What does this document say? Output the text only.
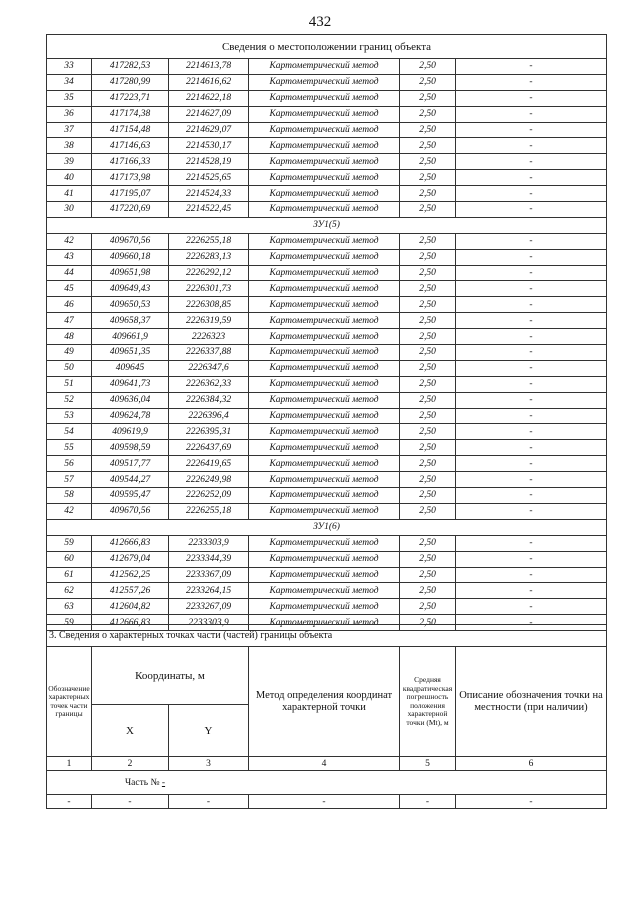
432
Сведения о местоположении границ объекта					
33	417282,53	2214613,78	Картометрический метод	2,50	-
34	417280,99	2214616,62	Картометрический метод	2,50	-
35	417223,71	2214622,18	Картометрический метод	2,50	-
36	417174,38	2214627,09	Картометрический метод	2,50	-
37	417154,48	2214629,07	Картометрический метод	2,50	-
38	417146,63	2214530,17	Картометрический метод	2,50	-
39	417166,33	2214528,19	Картометрический метод	2,50	-
40	417173,98	2214525,65	Картометрический метод	2,50	-
41	417195,07	2214524,33	Картометрический метод	2,50	-
30	417220,69	2214522,45	Картометрический метод	2,50	-
ЗУ1(5)					
42	409670,56	2226255,18	Картометрический метод	2,50	-
43	409660,18	2226283,13	Картометрический метод	2,50	-
44	409651,98	2226292,12	Картометрический метод	2,50	-
45	409649,43	2226301,73	Картометрический метод	2,50	-
46	409650,53	2226308,85	Картометрический метод	2,50	-
47	409658,37	2226319,59	Картометрический метод	2,50	-
48	409661,9	2226323	Картометрический метод	2,50	-
49	409651,35	2226337,88	Картометрический метод	2,50	-
50	409645	2226347,6	Картометрический метод	2,50	-
51	409641,73	2226362,33	Картометрический метод	2,50	-
52	409636,04	2226384,32	Картометрический метод	2,50	-
53	409624,78	2226396,4	Картометрический метод	2,50	-
54	409619,9	2226395,31	Картометрический метод	2,50	-
55	409598,59	2226437,69	Картометрический метод	2,50	-
56	409517,77	2226419,65	Картометрический метод	2,50	-
57	409544,27	2226249,98	Картометрический метод	2,50	-
58	409595,47	2226252,09	Картометрический метод	2,50	-
42	409670,56	2226255,18	Картометрический метод	2,50	-
ЗУ1(6)					
59	412666,83	2233303,9	Картометрический метод	2,50	-
60	412679,04	2233344,39	Картометрический метод	2,50	-
61	412562,25	2233367,09	Картометрический метод	2,50	-
62	412557,26	2233264,15	Картометрический метод	2,50	-
63	412604,82	2233267,09	Картометрический метод	2,50	-
59	412666,83	2233303,9	Картометрический метод	2,50	-
3. Сведения о характерных точках части (частей) границы объекта					
Обозначение характерных точек части границы	Координаты, м		Метод определения координат характерной точки	Средняя квадратическая погрешность положения характерной точки (Mt), м	Описание обозначения точки на местности (при наличии)
	X	Y			
1	2	3	4	5	6
Часть № -					
-	-	-	-	-	-
